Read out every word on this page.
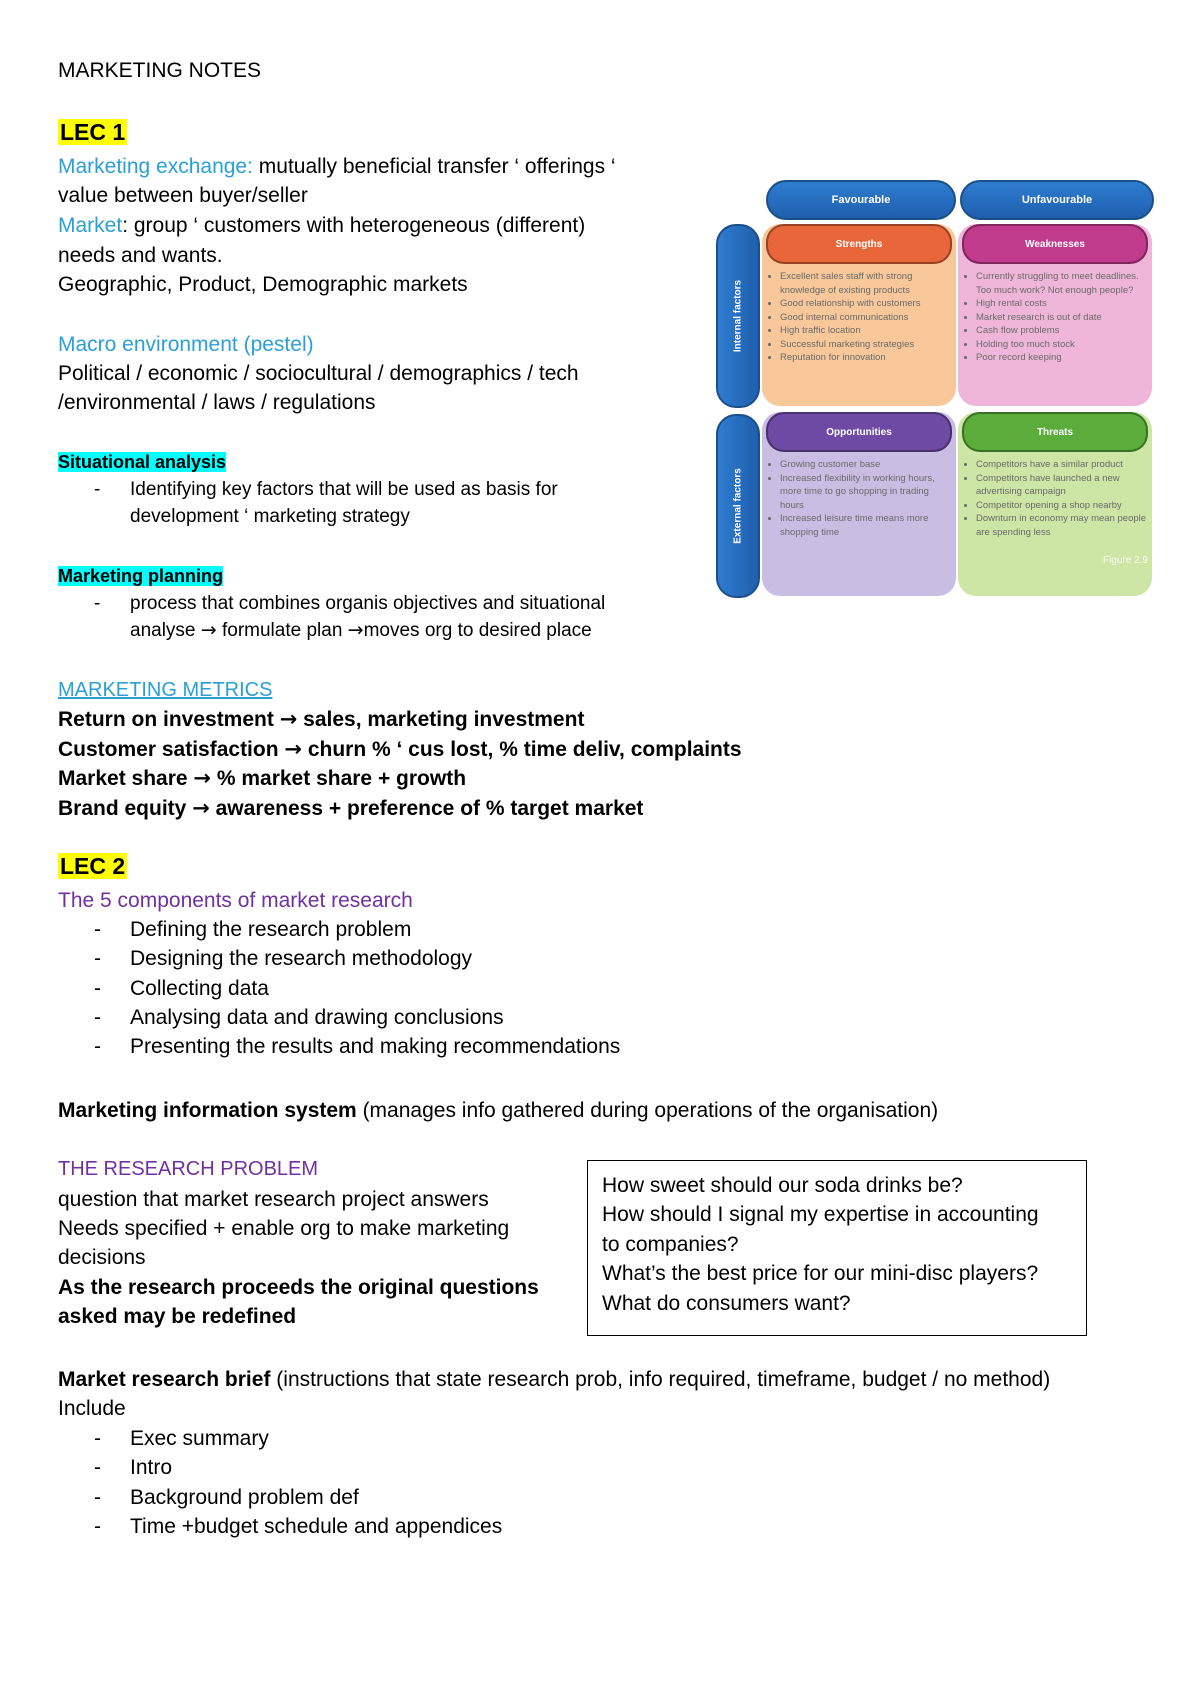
MARKETING NOTES
LEC 1
Marketing exchange: mutually beneficial transfer ‘ offerings ‘
value between buyer/seller
Market: group ‘ customers with heterogeneous (different)
needs and wants.
Geographic, Product, Demographic markets
Macro environment (pestel)
Political / economic / sociocultural / demographics / tech
/environmental / laws / regulations
Situational analysis
- Identifying key factors that will be used as basis for
development ‘ marketing strategy
Marketing planning
- process that combines organis objectives and situational
analyse → formulate plan →moves org to desired place
MARKETING METRICS
Return on investment → sales, marketing investment
Customer satisfaction → churn % ‘ cus lost, % time deliv, complaints
Market share → % market share + growth
Brand equity → awareness + preference of % target market
Favourable	Unfavourable
Internal factors
External factors
Strengths
• Excellent sales staff with strong knowledge of existing products
• Good relationship with customers
• Good internal communications
• High traffic location
• Successful marketing strategies
• Reputation for innovation
Weaknesses
• Currently struggling to meet deadlines. Too much work? Not enough people?
• High rental costs
• Market research is out of date
• Cash flow problems
• Holding too much stock
• Poor record keeping
Opportunities
• Growing customer base
• Increased flexibility in working hours, more time to go shopping in trading hours
• Increased leisure time means more shopping time
Threats
• Competitors have a similar product
• Competitors have launched a new advertising campaign
• Competitor opening a shop nearby
• Downturn in economy may mean people are spending less
Figure 2.9
LEC 2
The 5 components of market research
- Defining the research problem
- Designing the research methodology
- Collecting data
- Analysing data and drawing conclusions
- Presenting the results and making recommendations
Marketing information system (manages info gathered during operations of the organisation)
THE RESEARCH PROBLEM
question that market research project answers
Needs specified + enable org to make marketing
decisions
As the research proceeds the original questions
asked may be redefined
How sweet should our soda drinks be?
How should I signal my expertise in accounting
to companies?
What’s the best price for our mini-disc players?
What do consumers want?
Market research brief (instructions that state research prob, info required, timeframe, budget / no method)
Include
- Exec summary
- Intro
- Background problem def
- Time +budget schedule and appendices
